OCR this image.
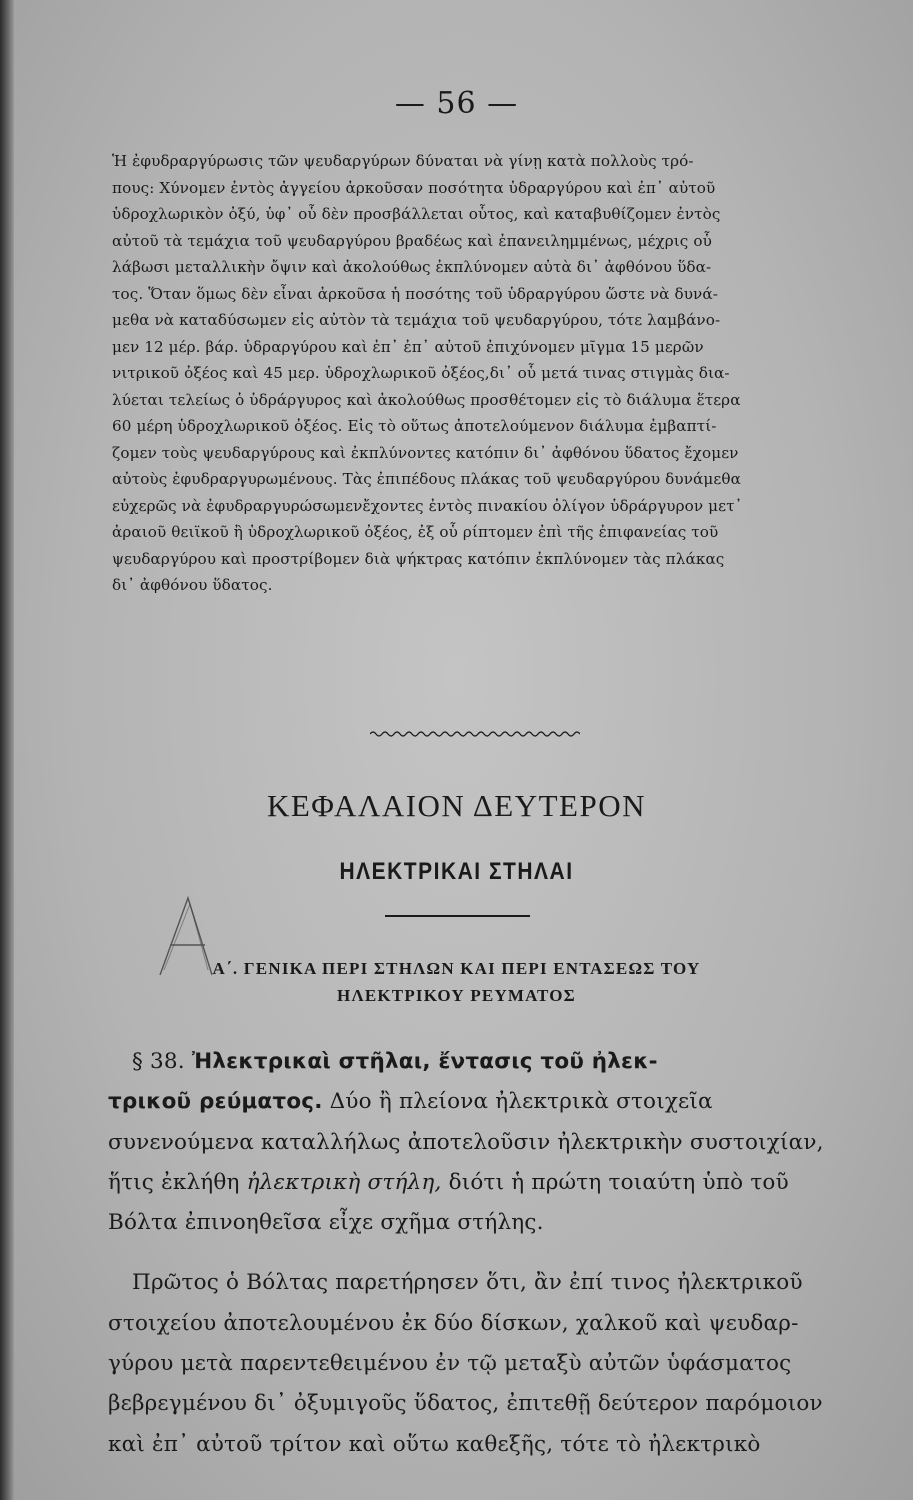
— 56 —
Ἡ ἐφυδραργύρωσις τῶν ψευδαργύρων δύναται νὰ γίνῃ κατὰ πολλοὺς τρό-
πους: Χύνομεν ἐντὸς ἀγγείου ἀρκοῦσαν ποσότητα ὑδραργύρου καὶ ἐπ᾽ αὐτοῦ
ὑδροχλωρικὸν ὀξύ, ὑφ᾽ οὗ δὲν προσβάλλεται οὗτος, καὶ καταβυθίζομεν ἐντὸς
αὐτοῦ τὰ τεμάχια τοῦ ψευδαργύρου βραδέως καὶ ἐπανειλημμένως, μέχρις οὗ
λάβωσι μεταλλικὴν ὄψιν καὶ ἀκολούθως ἐκπλύνομεν αὐτὰ δι᾽ ἀφθόνου ὕδα-
τος. Ὅταν ὅμως δὲν εἶναι ἀρκοῦσα ἡ ποσότης τοῦ ὑδραργύρου ὥστε νὰ δυνά-
μεθα νὰ καταδύσωμεν εἰς αὐτὸν τὰ τεμάχια τοῦ ψευδαργύρου, τότε λαμβάνο-
μεν 12 μέρ. βάρ. ὑδραργύρου καὶ ἐπ᾽ ἐπ᾽ αὐτοῦ ἐπιχύνομεν μῖγμα 15 μερῶν
νιτρικοῦ ὀξέος καὶ 45 μερ. ὑδροχλωρικοῦ ὀξέος,δι᾽ οὗ μετά τινας στιγμὰς δια-
λύεται τελείως ὁ ὑδράργυρος καὶ ἀκολούθως προσθέτομεν εἰς τὸ διάλυμα ἕτερα
60 μέρη ὑδροχλωρικοῦ ὀξέος. Εἰς τὸ οὕτως ἀποτελούμενον διάλυμα ἐμβαπτί-
ζομεν τοὺς ψευδαργύρους καὶ ἐκπλύνοντες κατόπιν δι᾽ ἀφθόνου ὕδατος ἔχομεν
αὐτοὺς ἐφυδραργυρωμένους. Τὰς ἐπιπέδους πλάκας τοῦ ψευδαργύρου δυνάμεθα
εὐχερῶς νὰ ἐφυδραργυρώσωμενἔχοντες ἐντὸς πινακίου ὀλίγον ὑδράργυρον μετ᾽
ἀραιοῦ θειϊκοῦ ἢ ὑδροχλωρικοῦ ὀξέος, ἐξ οὗ ρίπτομεν ἐπὶ τῆς ἐπιφανείας τοῦ
ψευδαργύρου καὶ προστρίβομεν διὰ ψήκτρας κατόπιν ἐκπλύνομεν τὰς πλάκας
δι᾽ ἀφθόνου ὕδατος.
ΚΕΦΑΛΑΙΟΝ ΔΕΥΤΕΡΟΝ
ΗΛΕΚΤΡΙΚΑΙ ΣΤΗΛΑΙ
Α΄. ΓΕΝΙΚΑ ΠΕΡΙ ΣΤΗΛΩΝ ΚΑΙ ΠΕΡΙ ΕΝΤΑΣΕΩΣ ΤΟΥ
ΗΛΕΚΤΡΙΚΟΥ ΡΕΥΜΑΤΟΣ
§ 38. Ἠλεκτρικαὶ στῆλαι, ἔντασις τοῦ ἠλεκ-
τρικοῦ ρεύματος. Δύο ἢ πλείονα ἠλεκτρικὰ στοιχεῖα
συνενούμενα καταλλήλως ἀποτελοῦσιν ἠλεκτρικὴν συστοιχίαν,
ἥτις ἐκλήθη ἠλεκτρικὴ στήλη, διότι ἡ πρώτη τοιαύτη ὑπὸ τοῦ
Βόλτα ἐπινοηθεῖσα εἶχε σχῆμα στήλης.
Πρῶτος ὁ Βόλτας παρετήρησεν ὅτι, ἂν ἐπί τινος ἠλεκτρικοῦ
στοιχείου ἀποτελουμένου ἐκ δύο δίσκων, χαλκοῦ καὶ ψευδαρ-
γύρου μετὰ παρεντεθειμένου ἐν τῷ μεταξὺ αὐτῶν ὑφάσματος
βεβρεγμένου δι᾽ ὀξυμιγοῦς ὕδατος, ἐπιτεθῇ δεύτερον παρόμοιον
καὶ ἐπ᾽ αὐτοῦ τρίτον καὶ οὕτω καθεξῆς, τότε τὸ ἠλεκτρικὸ
